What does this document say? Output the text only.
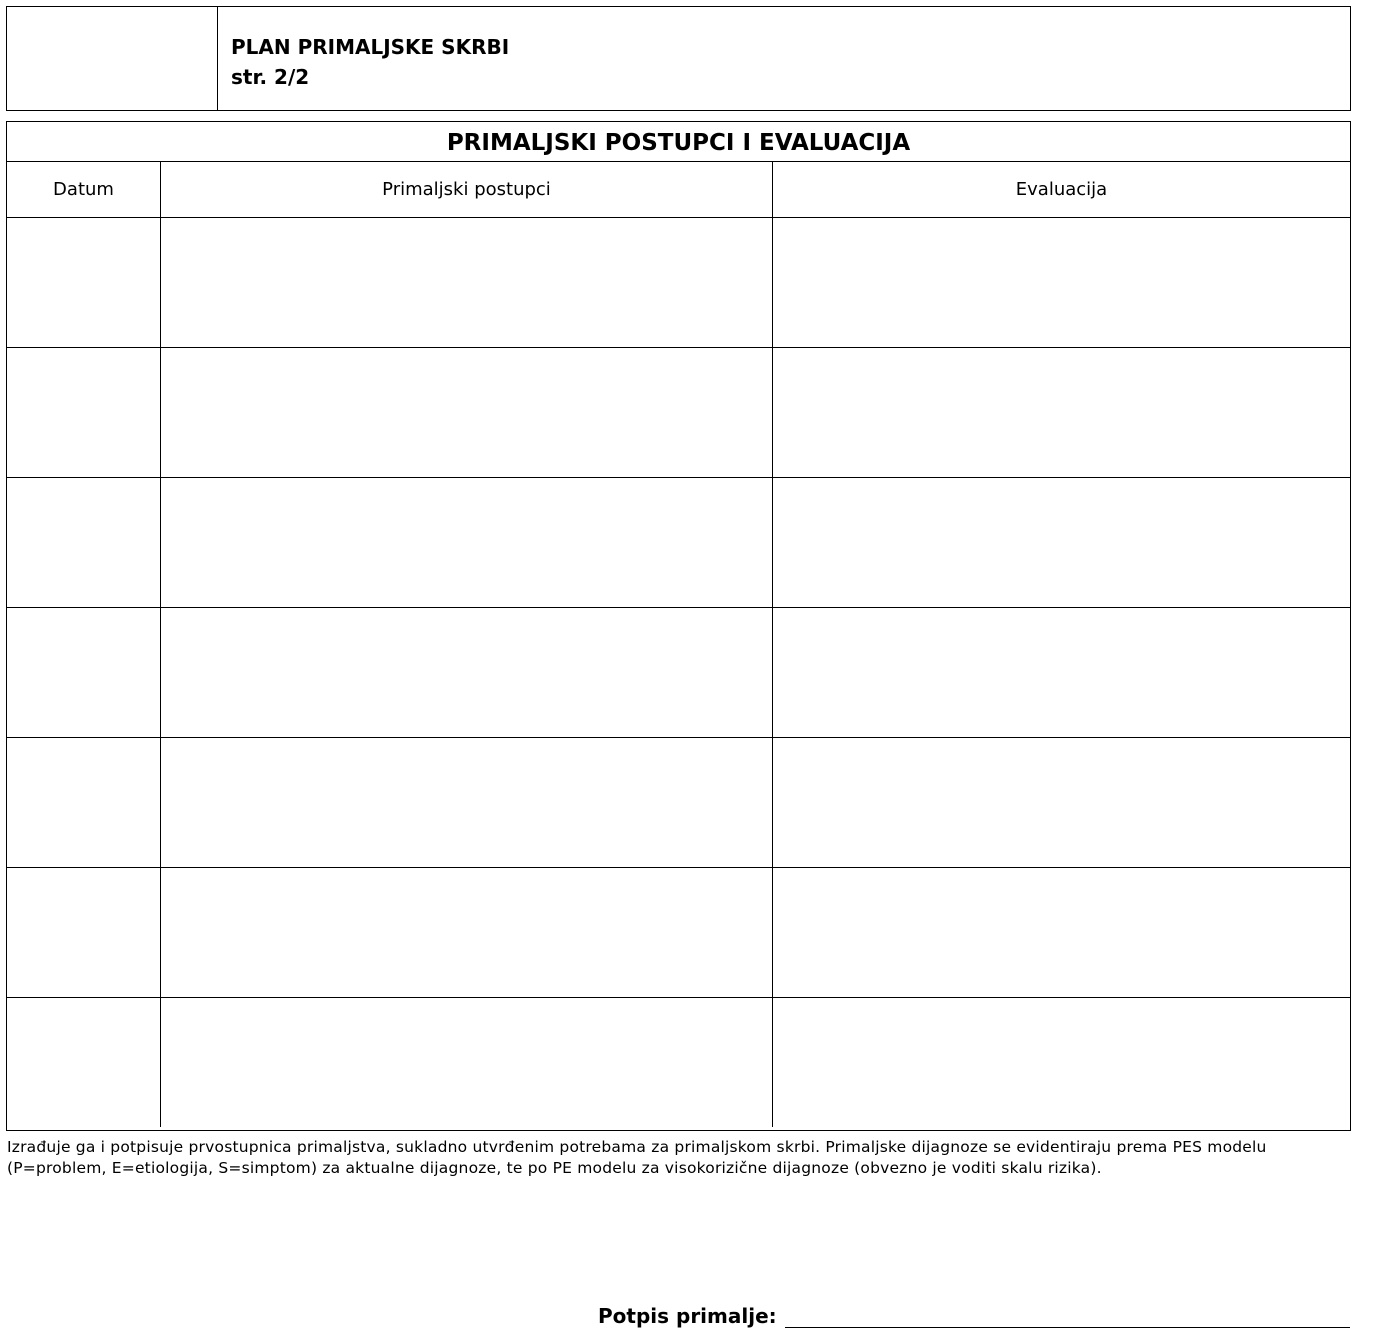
PLAN PRIMALJSKE SKRBI
str. 2/2
PRIMALJSKI POSTUPCI I EVALUACIJA
Datum	Primaljski postupci	Evaluacija
Izrađuje ga i potpisuje prvostupnica primaljstva, sukladno utvrđenim potrebama za primaljskom skrbi. Primaljske dijagnoze se evidentiraju prema PES modelu
(P=problem, E=etiologija, S=simptom) za aktualne dijagnoze, te po PE modelu za visokorizične dijagnoze (obvezno je voditi skalu rizika).
Potpis primalje:
